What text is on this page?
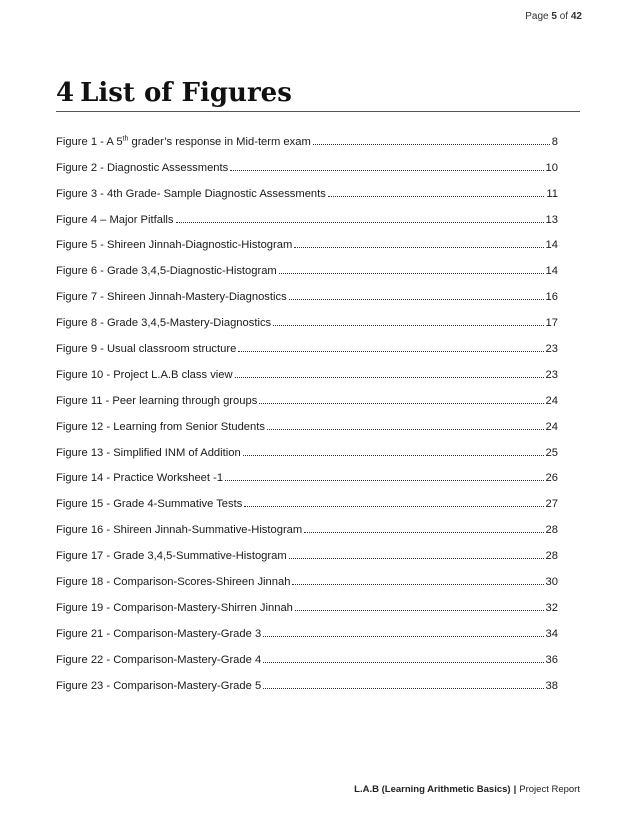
Page 5 of 42
4 List of Figures
Figure 1 - A 5th grader’s response in Mid-term exam	8
Figure 2 - Diagnostic Assessments	10
Figure 3 - 4th Grade- Sample Diagnostic Assessments	11
Figure 4 – Major Pitfalls	13
Figure 5 - Shireen Jinnah-Diagnostic-Histogram	14
Figure 6 - Grade 3,4,5-Diagnostic-Histogram	14
Figure 7 - Shireen Jinnah-Mastery-Diagnostics	16
Figure 8 - Grade 3,4,5-Mastery-Diagnostics	17
Figure 9 - Usual classroom structure	23
Figure 10 - Project L.A.B class view	23
Figure 11 - Peer learning through groups	24
Figure 12 - Learning from Senior Students	24
Figure 13 - Simplified INM of Addition	25
Figure 14 - Practice Worksheet -1	26
Figure 15 - Grade 4-Summative Tests	27
Figure 16 - Shireen Jinnah-Summative-Histogram	28
Figure 17 - Grade 3,4,5-Summative-Histogram	28
Figure 18 - Comparison-Scores-Shireen Jinnah	30
Figure 19 - Comparison-Mastery-Shirren Jinnah	32
Figure 21 - Comparison-Mastery-Grade 3	34
Figure 22 - Comparison-Mastery-Grade 4	36
Figure 23 - Comparison-Mastery-Grade 5	38
L.A.B (Learning Arithmetic Basics) | Project Report
